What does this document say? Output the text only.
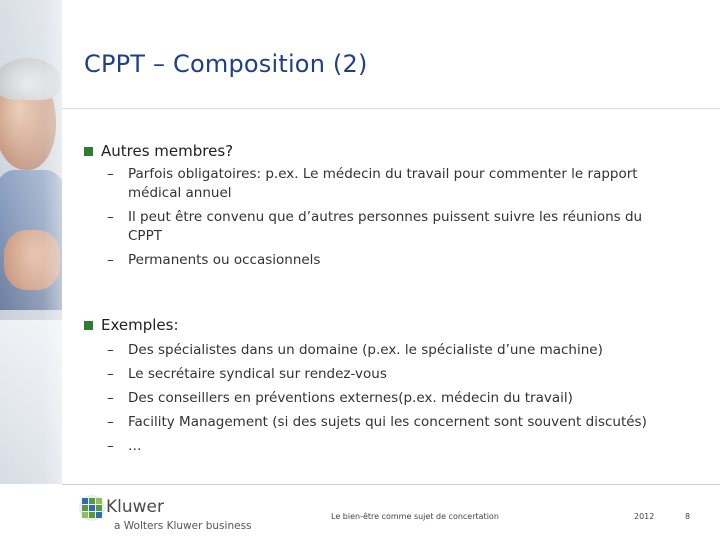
CPPT – Composition (2)
Autres membres?
–	Parfois obligatoires: p.ex. Le médecin du travail pour commenter le rapport médical annuel
–	Il peut être convenu que d’autres personnes puissent suivre les réunions du CPPT
–	Permanents ou occasionnels
Exemples:
–	Des spécialistes dans un domaine (p.ex. le spécialiste d’une machine)
–	Le secrétaire syndical sur rendez-vous
–	Des conseillers en préventions externes(p.ex. médecin du travail)
–	Facility Management (si des sujets qui les concernent sont souvent discutés)
–	…
Kluwer
a Wolters Kluwer business
Le bien-être comme sujet de concertation	2012	8
